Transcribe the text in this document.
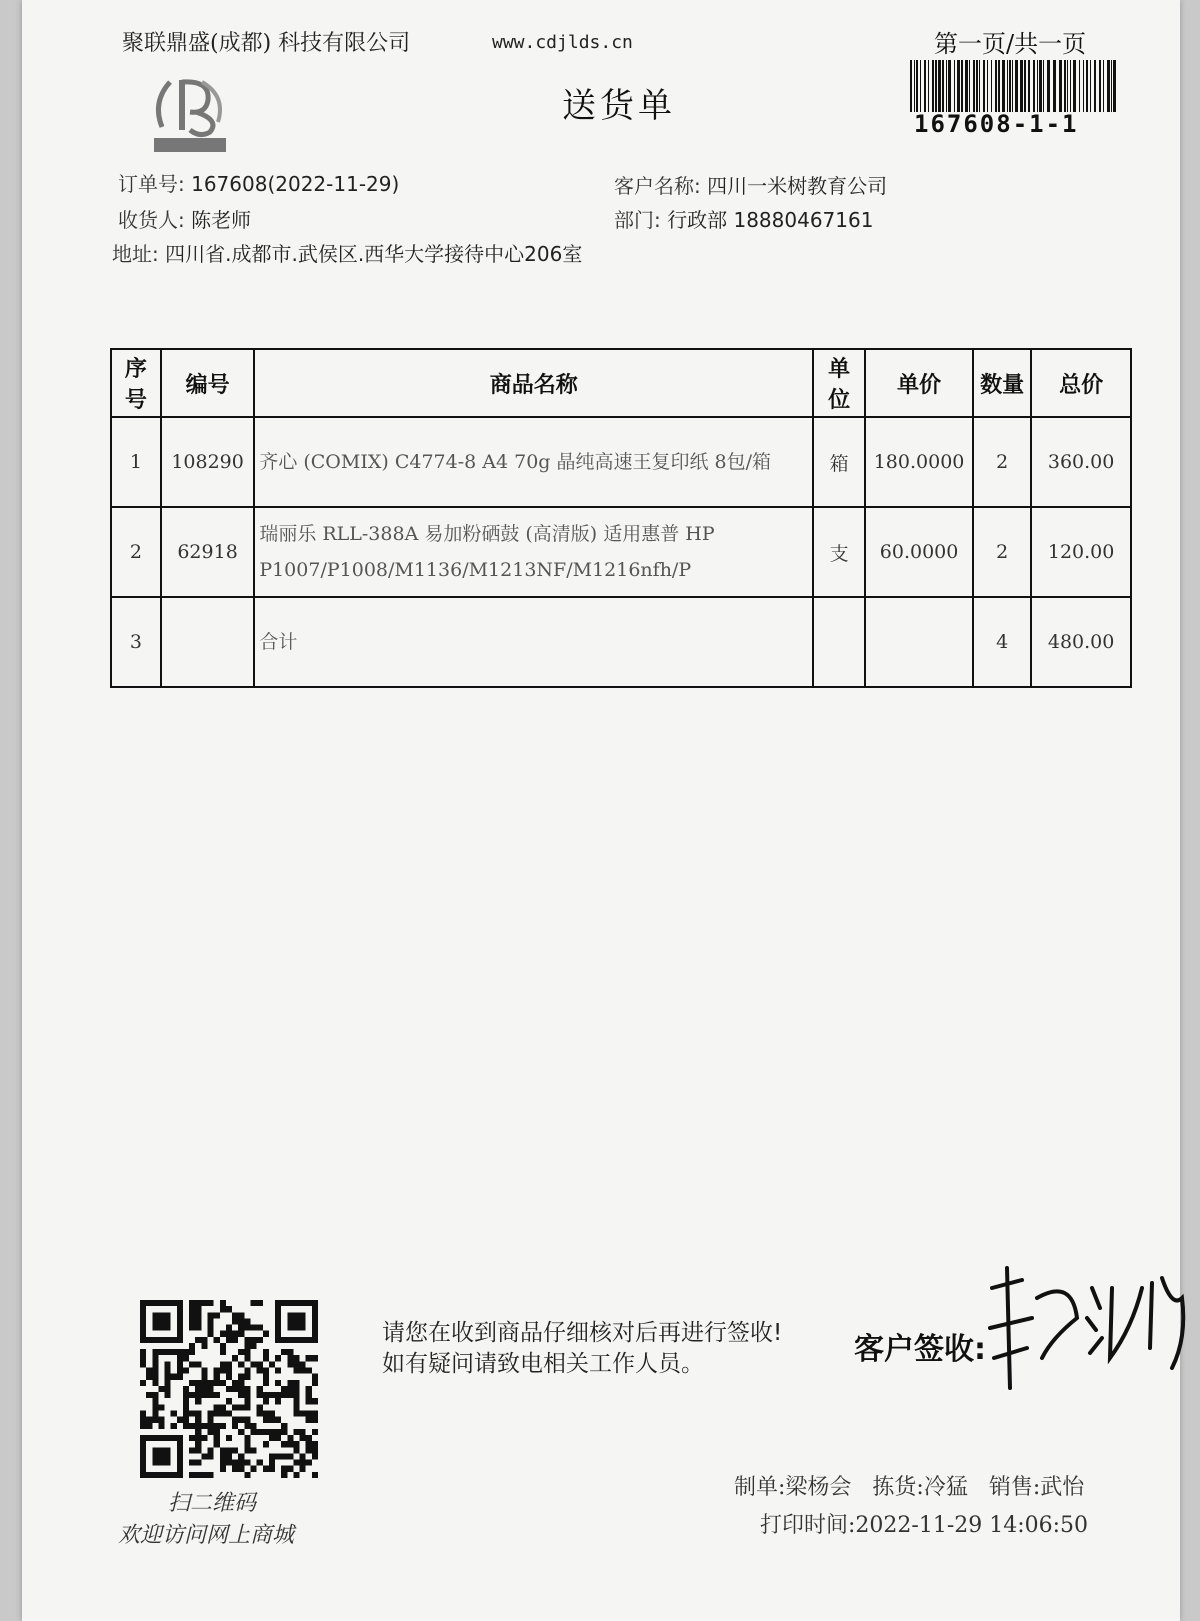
聚联鼎盛(成都) 科技有限公司	www.cdjlds.cn	第一页/共一页
167608-1-1
送货单
订单号: 167608(2022-11-29)	客户名称: 四川一米树教育公司
收货人: 陈老师	部门: 行政部 18880467161
地址: 四川省.成都市.武侯区.西华大学接待中心206室
扫二维码
欢迎访问网上商城
请您在收到商品仔细核对后再进行签收! 如有疑问请致电相关工作人员。	客户签收:
制单:梁杨会 拣货:冷猛 销售:武怡
打印时间:2022-11-29 14:06:50
序号	编号	商品名称	单位	单价	数量	总价
1	108290	齐心 (COMIX) C4774-8 A4 70g 晶纯高速王复印纸 8包/箱	箱	180.0000	2	360.00
2	62918	瑞丽乐 RLL-388A 易加粉硒鼓 (高清版) 适用惠普 HP P1007/P1008/M1136/M1213NF/M1216nfh/P	支	60.0000	2	120.00
3		合计			4	480.00
